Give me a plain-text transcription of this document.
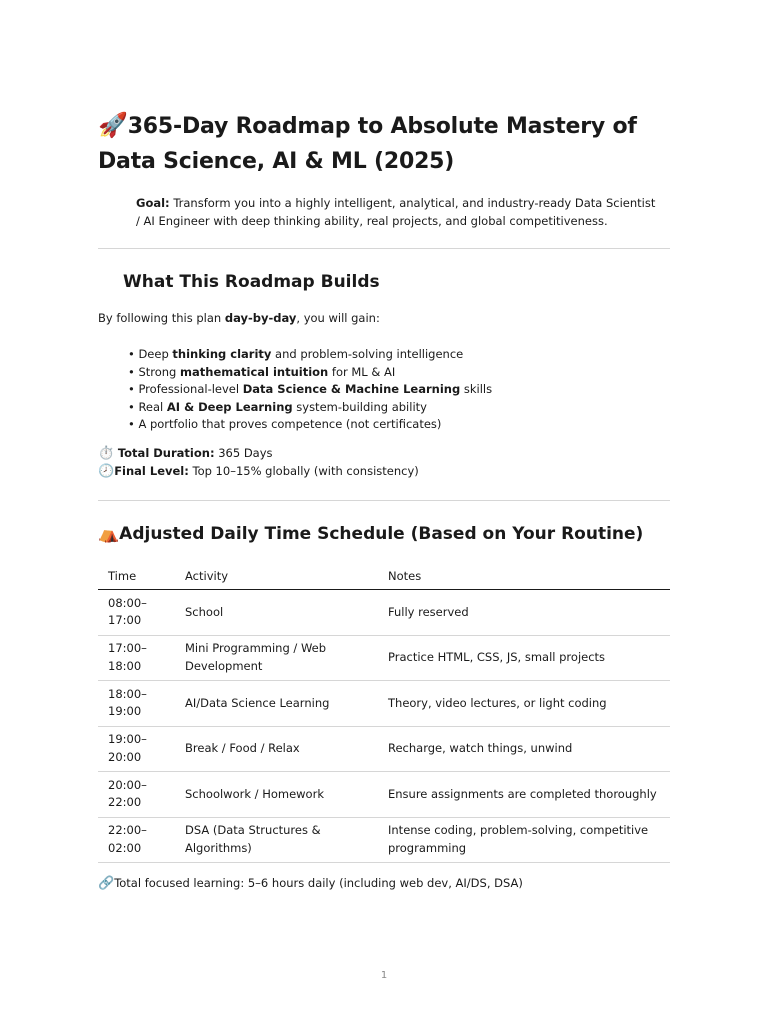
🚀365-Day Roadmap to Absolute Mastery of Data Science, AI & ML (2025)
Goal: Transform you into a highly intelligent, analytical, and industry-ready Data Scientist / AI Engineer with deep thinking ability, real projects, and global competitiveness.
What This Roadmap Builds
By following this plan day-by-day, you will gain:
• Deep thinking clarity and problem-solving intelligence
• Strong mathematical intuition for ML & AI
• Professional-level Data Science & Machine Learning skills
• Real AI & Deep Learning system-building ability
• A portfolio that proves competence (not certificates)
⏱️ Total Duration: 365 Days
🕗Final Level: Top 10–15% globally (with consistency)
⛺Adjusted Daily Time Schedule (Based on Your Routine)
Time	Activity	Notes
08:00–17:00	School	Fully reserved
17:00–18:00	Mini Programming / Web Development	Practice HTML, CSS, JS, small projects
18:00–19:00	AI/Data Science Learning	Theory, video lectures, or light coding
19:00–20:00	Break / Food / Relax	Recharge, watch things, unwind
20:00–22:00	Schoolwork / Homework	Ensure assignments are completed thoroughly
22:00–02:00	DSA (Data Structures & Algorithms)	Intense coding, problem-solving, competitive programming
🔗Total focused learning: 5–6 hours daily (including web dev, AI/DS, DSA)
1
